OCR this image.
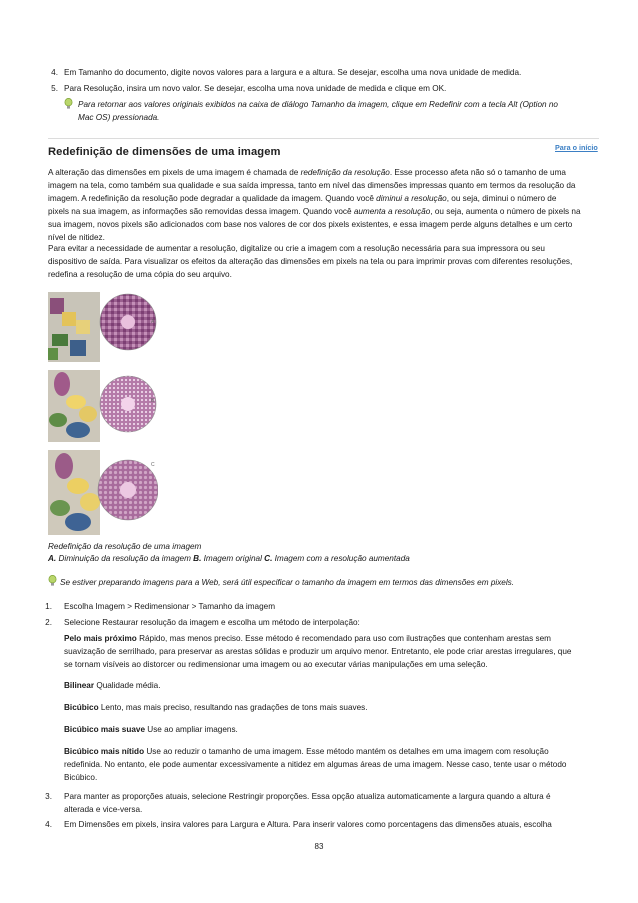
4. Em Tamanho do documento, digite novos valores para a largura e a altura. Se desejar, escolha uma nova unidade de medida.
5. Para Resolução, insira um novo valor. Se desejar, escolha uma nova unidade de medida e clique em OK.
Para retornar aos valores originais exibidos na caixa de diálogo Tamanho da imagem, clique em Redefinir com a tecla Alt (Option no
Mac OS) pressionada.
Para o início
Redefinição de dimensões de uma imagem
A alteração das dimensões em pixels de uma imagem é chamada de redefinição da resolução. Esse processo afeta não só o tamanho de uma
imagem na tela, como também sua qualidade e sua saída impressa, tanto em nível das dimensões impressas quanto em termos da resolução da
imagem. A redefinição da resolução pode degradar a qualidade da imagem. Quando você diminui a resolução, ou seja, diminui o número de
pixels na sua imagem, as informações são removidas dessa imagem. Quando você aumenta a resolução, ou seja, aumenta o número de pixels na
sua imagem, novos pixels são adicionados com base nos valores de cor dos pixels existentes, e essa imagem perde alguns detalhes e um certo
nível de nitidez.
Para evitar a necessidade de aumentar a resolução, digitalize ou crie a imagem com a resolução necessária para sua impressora ou seu
dispositivo de saída. Para visualizar os efeitos da alteração das dimensões em pixels na tela ou para imprimir provas com diferentes resoluções,
redefina a resolução de uma cópia do seu arquivo.
A
B
C
Redefinição da resolução de uma imagem
A. Diminuição da resolução da imagem B. Imagem original C. Imagem com a resolução aumentada
Se estiver preparando imagens para a Web, será útil especificar o tamanho da imagem em termos das dimensões em pixels.
1. Escolha Imagem > Redimensionar > Tamanho da imagem
2. Selecione Restaurar resolução da imagem e escolha um método de interpolação:
Pelo mais próximo Rápido, mas menos preciso. Esse método é recomendado para uso com ilustrações que contenham arestas sem
suavização de serrilhado, para preservar as arestas sólidas e produzir um arquivo menor. Entretanto, ele pode criar arestas irregulares, que
se tornam visíveis ao distorcer ou redimensionar uma imagem ou ao executar várias manipulações em uma seleção.
Bilinear Qualidade média.
Bicúbico Lento, mas mais preciso, resultando nas gradações de tons mais suaves.
Bicúbico mais suave Use ao ampliar imagens.
Bicúbico mais nítido Use ao reduzir o tamanho de uma imagem. Esse método mantém os detalhes em uma imagem com resolução
redefinida. No entanto, ele pode aumentar excessivamente a nitidez em algumas áreas de uma imagem. Nesse caso, tente usar o método
Bicúbico.
3. Para manter as proporções atuais, selecione Restringir proporções. Essa opção atualiza automaticamente a largura quando a altura é
alterada e vice-versa.
4. Em Dimensões em pixels, insira valores para Largura e Altura. Para inserir valores como porcentagens das dimensões atuais, escolha
83
